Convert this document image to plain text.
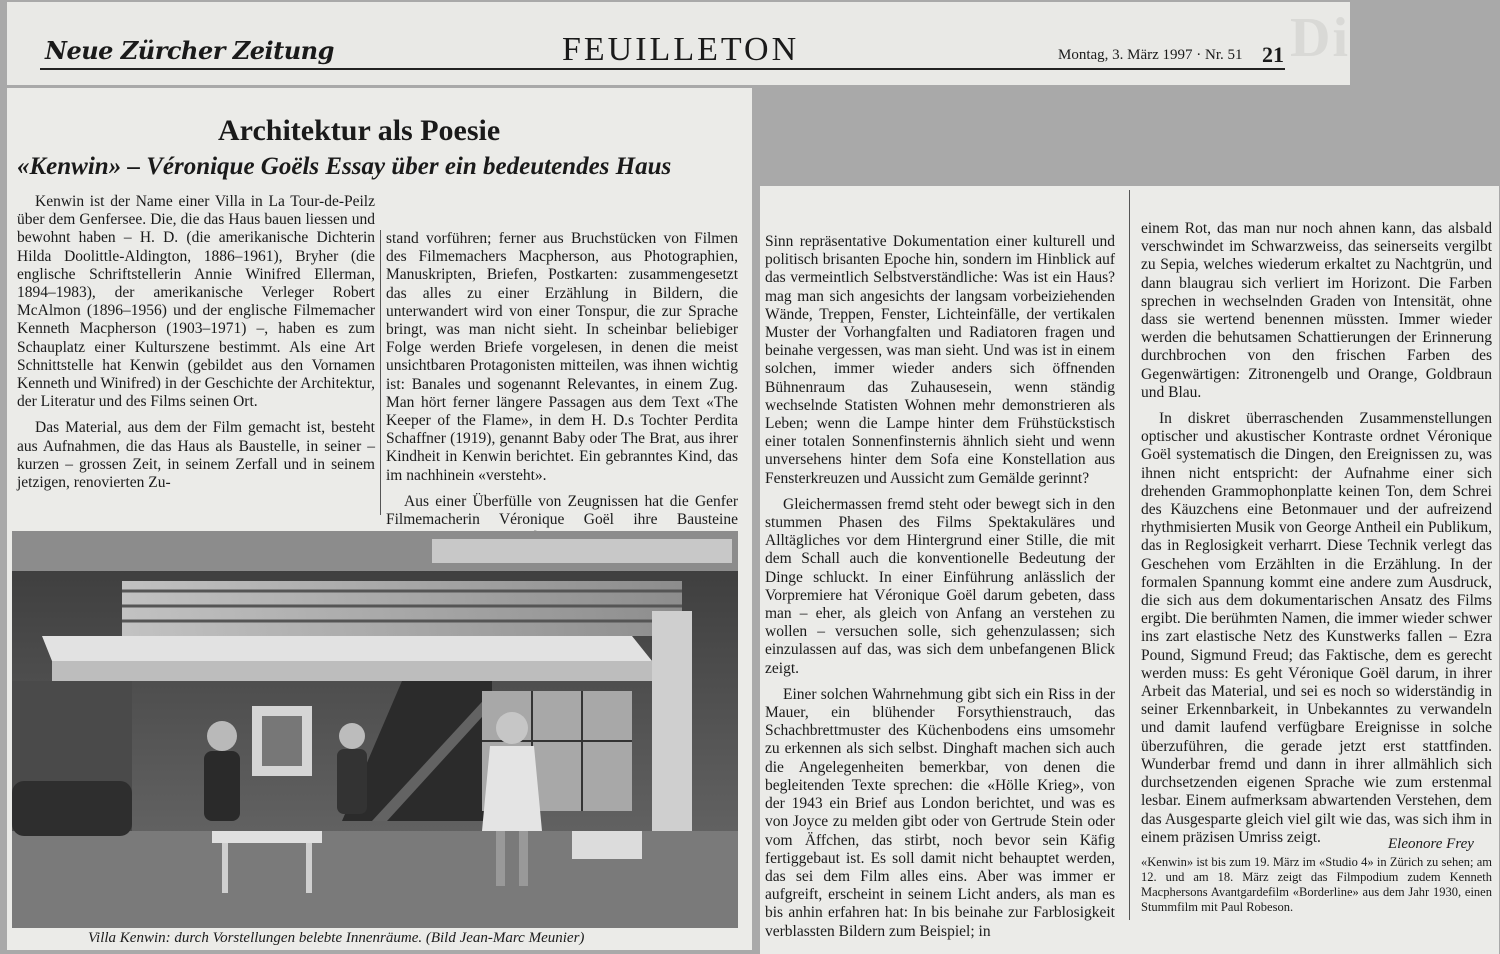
Di
Neue Zürcher Zeitung	FEUILLETON	Montag, 3. März 1997 · Nr. 51 21
Architektur als Poesie
«Kenwin» – Véronique Goëls Essay über ein bedeutendes Haus

Kenwin ist der Name einer Villa in La Tour-de-Peilz über dem Genfersee. Die, die das Haus bauen liessen und bewohnt haben – H. D. (die amerikanische Dichterin Hilda Doolittle-Aldington, 1886–1961), Bryher (die englische Schriftstellerin Annie Winifred Ellerman, 1894–1983), der amerikanische Verleger Robert McAlmon (1896–1956) und der englische Filmemacher Kenneth Macpherson (1903–1971) –, haben es zum Schauplatz einer Kulturszene bestimmt. Als eine Art Schnittstelle hat Kenwin (gebildet aus den Vornamen Kenneth und Winifred) in der Geschichte der Architektur, der Literatur und des Films seinen Ort.

Das Material, aus dem der Film gemacht ist, besteht aus Aufnahmen, die das Haus als Baustelle, in seiner – kurzen – grossen Zeit, in seinem Zerfall und in seinem jetzigen, renovierten Zu-

stand vorführen; ferner aus Bruchstücken von Filmen des Filmemachers Macpherson, aus Photographien, Manuskripten, Briefen, Postkarten: zusammengesetzt das alles zu einer Erzählung in Bildern, die unterwandert wird von einer Tonspur, die zur Sprache bringt, was man nicht sieht. In scheinbar beliebiger Folge werden Briefe vorgelesen, in denen die meist unsichtbaren Protagonisten mitteilen, was ihnen wichtig ist: Banales und sogenannt Relevantes, in einem Zug. Man hört ferner längere Passagen aus dem Text «The Keeper of the Flame», in dem H. D.s Tochter Perdita Schaffner (1919), genannt Baby oder The Brat, aus ihrer Kindheit in Kenwin berichtet. Ein gebranntes Kind, das im nachhinein «versteht».

Aus einer Überfülle von Zeugnissen hat die Genfer Filmemacherin Véronique Goël ihre Bausteine

Villa Kenwin: durch Vorstellungen belebte Innenräume. (Bild Jean-Marc Meunier)

Sinn repräsentative Dokumentation einer kulturell und politisch brisanten Epoche hin, sondern im Hinblick auf das vermeintlich Selbstverständliche: Was ist ein Haus? mag man sich angesichts der langsam vorbeiziehenden Wände, Treppen, Fenster, Lichteinfälle, der vertikalen Muster der Vorhangfalten und Radiatoren fragen und beinahe vergessen, was man sieht. Und was ist in einem solchen, immer wieder anders sich öffnenden Bühnenraum das Zuhausesein, wenn ständig wechselnde Statisten Wohnen mehr demonstrieren als Leben; wenn die Lampe hinter dem Frühstückstisch einer totalen Sonnenfinsternis ähnlich sieht und wenn unversehens hinter dem Sofa eine Konstellation aus Fensterkreuzen und Aussicht zum Gemälde gerinnt?

Gleichermassen fremd steht oder bewegt sich in den stummen Phasen des Films Spektakuläres und Alltägliches vor dem Hintergrund einer Stille, die mit dem Schall auch die konventionelle Bedeutung der Dinge schluckt. In einer Einführung anlässlich der Vorpremiere hat Véronique Goël darum gebeten, dass man – eher, als gleich von Anfang an verstehen zu wollen – versuchen solle, sich gehenzulassen; sich einzulassen auf das, was sich dem unbefangenen Blick zeigt.

Einer solchen Wahrnehmung gibt sich ein Riss in der Mauer, ein blühender Forsythienstrauch, das Schachbrettmuster des Küchenbodens eins umsomehr zu erkennen als sich selbst. Dinghaft machen sich auch die Angelegenheiten bemerkbar, von denen die begleitenden Texte sprechen: die «Hölle Krieg», von der 1943 ein Brief aus London berichtet, und was es von Joyce zu melden gibt oder von Gertrude Stein oder vom Äffchen, das stirbt, noch bevor sein Käfig fertiggebaut ist. Es soll damit nicht behauptet werden, das sei dem Film alles eins. Aber was immer er aufgreift, erscheint in seinem Licht anders, als man es bis anhin erfahren hat: In bis beinahe zur Farblosigkeit verblassten Bildern zum Beispiel; in

einem Rot, das man nur noch ahnen kann, das alsbald verschwindet im Schwarzweiss, das seinerseits vergilbt zu Sepia, welches wiederum erkaltet zu Nachtgrün, und dann blaugrau sich verliert im Horizont. Die Farben sprechen in wechselnden Graden von Intensität, ohne dass sie wertend benennen müssten. Immer wieder werden die behutsamen Schattierungen der Erinnerung durchbrochen von den frischen Farben des Gegenwärtigen: Zitronengelb und Orange, Goldbraun und Blau.

In diskret überraschenden Zusammenstellungen optischer und akustischer Kontraste ordnet Véronique Goël systematisch die Dingen, den Ereignissen zu, was ihnen nicht entspricht: der Aufnahme einer sich drehenden Grammophonplatte keinen Ton, dem Schrei des Käuzchens eine Betonmauer und der aufreizend rhythmisierten Musik von George Antheil ein Publikum, das in Reglosigkeit verharrt. Diese Technik verlegt das Geschehen vom Erzählten in die Erzählung. In der formalen Spannung kommt eine andere zum Ausdruck, die sich aus dem dokumentarischen Ansatz des Films ergibt. Die berühmten Namen, die immer wieder schwer ins zart elastische Netz des Kunstwerks fallen – Ezra Pound, Sigmund Freud; das Faktische, dem es gerecht werden muss: Es geht Véronique Goël darum, in ihrer Arbeit das Material, und sei es noch so widerständig in seiner Erkennbarkeit, in Unbekanntes zu verwandeln und damit laufend verfügbare Ereignisse in solche überzuführen, die gerade jetzt erst stattfinden. Wunderbar fremd und dann in ihrer allmählich sich durchsetzenden eigenen Sprache wie zum erstenmal lesbar. Einem aufmerksam abwartenden Verstehen, dem das Ausgesparte gleich viel gilt wie das, was sich ihm in einem präzisen Umriss zeigt.	Eleonore Frey
«Kenwin» ist bis zum 19. März im «Studio 4» in Zürich zu sehen; am 12. und am 18. März zeigt das Filmpodium zudem Kenneth Macphersons Avantgardefilm «Borderline» aus dem Jahr 1930, einen Stummfilm mit Paul Robeson.
